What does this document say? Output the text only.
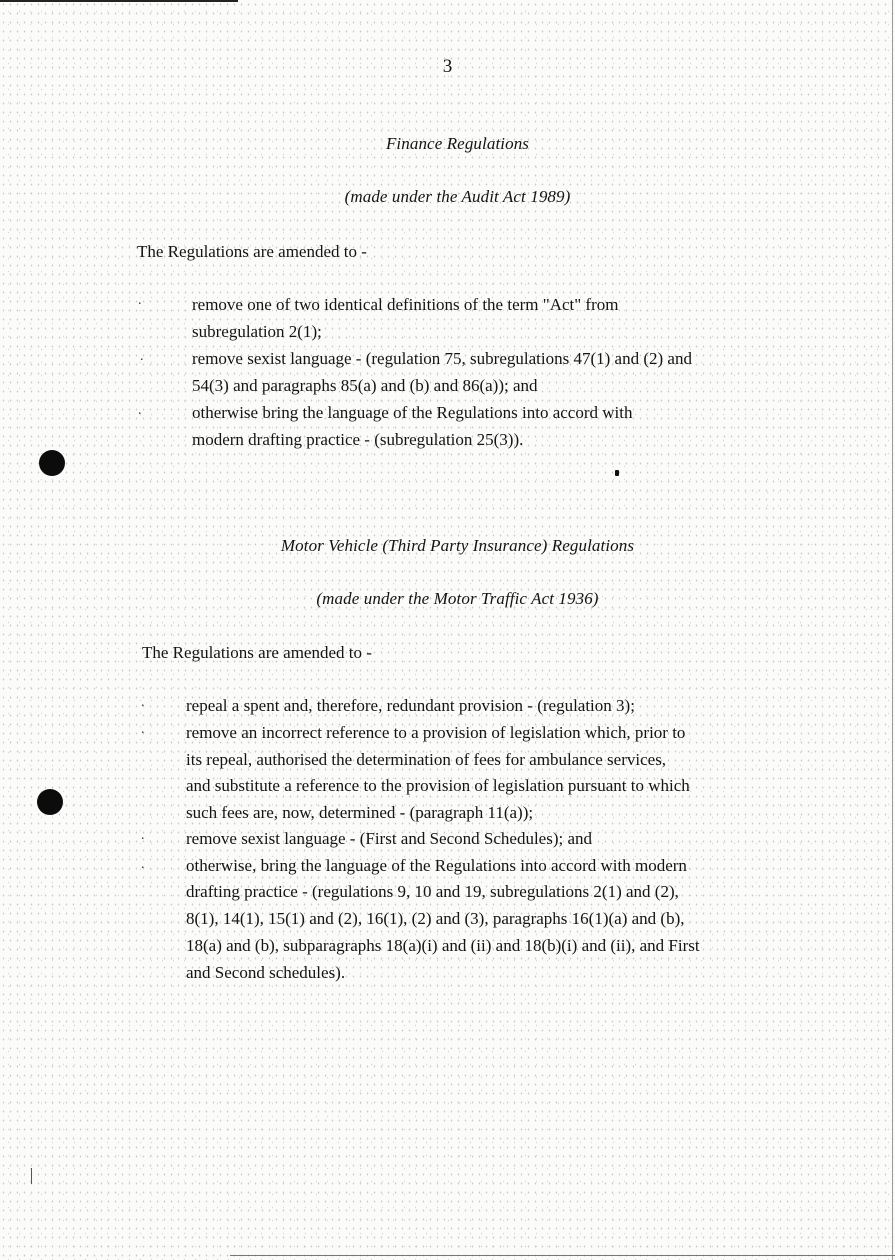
3
Finance Regulations
(made under the Audit Act 1989)
The Regulations are amended to -
.
.
.
remove one of two identical definitions of the term "Act" from
subregulation 2(1);
remove sexist language - (regulation 75, subregulations 47(1) and (2) and
54(3) and paragraphs 85(a) and (b) and 86(a)); and
otherwise bring the language of the Regulations into accord with
modern drafting practice - (subregulation 25(3)).
Motor Vehicle (Third Party Insurance) Regulations
(made under the Motor Traffic Act 1936)
The Regulations are amended to -
.
.
.
.
repeal a spent and, therefore, redundant provision - (regulation 3);
remove an incorrect reference to a provision of legislation which, prior to
its repeal, authorised the determination of fees for ambulance services,
and substitute a reference to the provision of legislation pursuant to which
such fees are, now, determined - (paragraph 11(a));
remove sexist language - (First and Second Schedules); and
otherwise, bring the language of the Regulations into accord with modern
drafting practice - (regulations 9, 10 and 19, subregulations 2(1) and (2),
8(1), 14(1), 15(1) and (2), 16(1), (2) and (3), paragraphs 16(1)(a) and (b),
18(a) and (b), subparagraphs 18(a)(i) and (ii) and 18(b)(i) and (ii), and First
and Second schedules).
